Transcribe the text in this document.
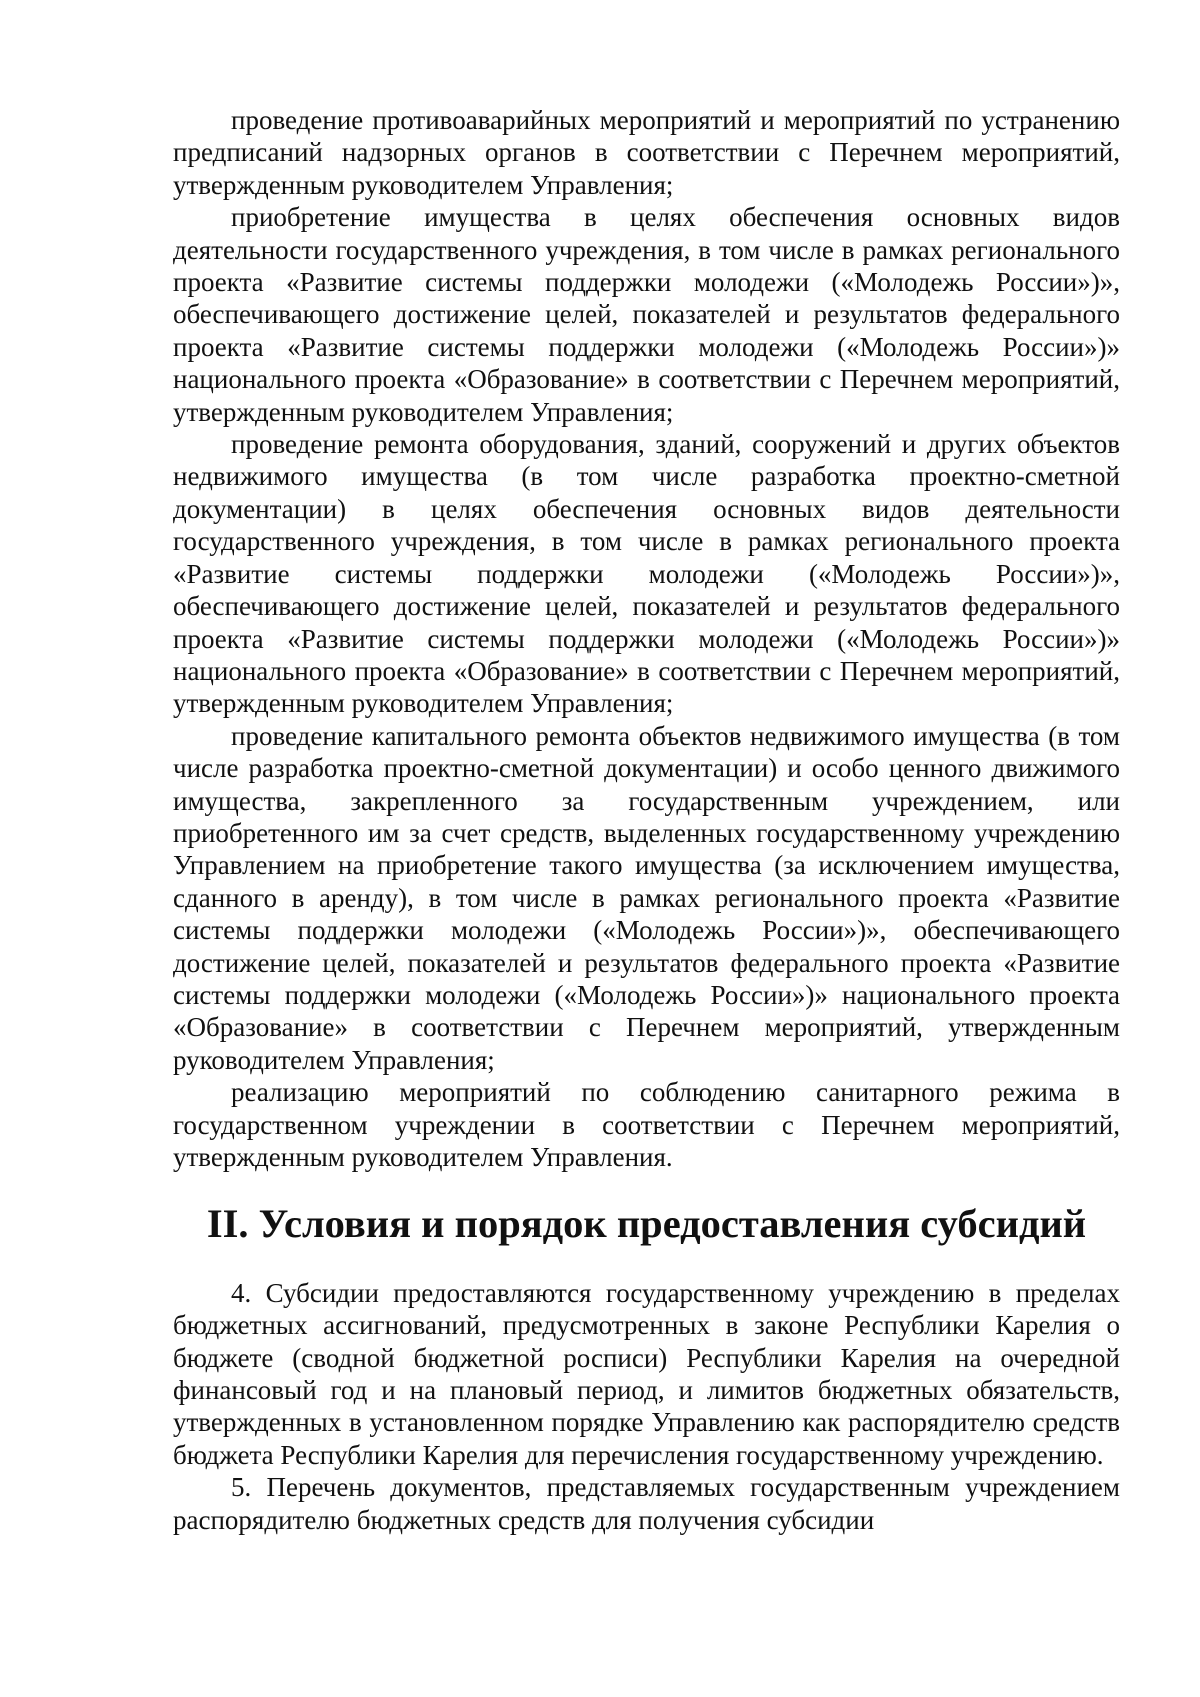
проведение противоаварийных мероприятий и мероприятий по устранению предписаний надзорных органов в соответствии с Перечнем мероприятий, утвержденным руководителем Управления;

приобретение имущества в целях обеспечения основных видов деятельности государственного учреждения, в том числе в рамках регионального проекта «Развитие системы поддержки молодежи («Молодежь России»)», обеспечивающего достижение целей, показателей и результатов федерального проекта «Развитие системы поддержки молодежи («Молодежь России»)» национального проекта «Образование» в соответствии с Перечнем мероприятий, утвержденным руководителем Управления;

проведение ремонта оборудования, зданий, сооружений и других объектов недвижимого имущества (в том числе разработка проектно-сметной документации) в целях обеспечения основных видов деятельности государственного учреждения, в том числе в рамках регионального проекта «Развитие системы поддержки молодежи («Молодежь России»)», обеспечивающего достижение целей, показателей и результатов федерального проекта «Развитие системы поддержки молодежи («Молодежь России»)» национального проекта «Образование» в соответствии с Перечнем мероприятий, утвержденным руководителем Управления;

проведение капитального ремонта объектов недвижимого имущества (в том числе разработка проектно-сметной документации) и особо ценного движимого имущества, закрепленного за государственным учреждением, или приобретенного им за счет средств, выделенных государственному учреждению Управлением на приобретение такого имущества (за исключением имущества, сданного в аренду), в том числе в рамках регионального проекта «Развитие системы поддержки молодежи («Молодежь России»)», обеспечивающего достижение целей, показателей и результатов федерального проекта «Развитие системы поддержки молодежи («Молодежь России»)» национального проекта «Образование» в соответствии с Перечнем мероприятий, утвержденным руководителем Управления;

реализацию мероприятий по соблюдению санитарного режима в государственном учреждении в соответствии с Перечнем мероприятий, утвержденным руководителем Управления.

II. Условия и порядок предоставления субсидий

4. Субсидии предоставляются государственному учреждению в пределах бюджетных ассигнований, предусмотренных в законе Республики Карелия о бюджете (сводной бюджетной росписи) Республики Карелия на очередной финансовый год и на плановый период, и лимитов бюджетных обязательств, утвержденных в установленном порядке Управлению как распорядителю средств бюджета Республики Карелия для перечисления государственному учреждению.

5. Перечень документов, представляемых государственным учреждением распорядителю бюджетных средств для получения субсидии
